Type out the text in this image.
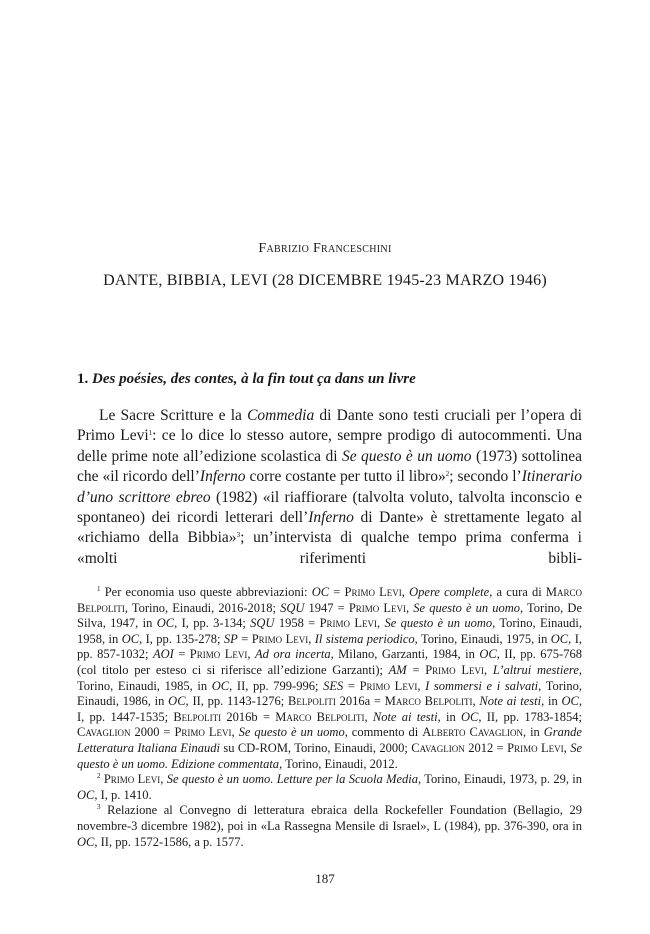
Fabrizio Franceschini
DANTE, BIBBIA, LEVI (28 DICEMBRE 1945-23 MARZO 1946)
1. Des poésies, des contes, à la fin tout ça dans un livre

Le Sacre Scritture e la Commedia di Dante sono testi cruciali per l’opera di Primo Levi$^1$: ce lo dice lo stesso autore, sempre prodigo di autocommenti. Una delle prime note all’edizione scolastica di Se questo è un uomo (1973) sottolinea che «il ricordo dell’Inferno corre costante per tutto il libro»$^2$; secondo l’Itinerario d’uno scrittore ebreo (1982) «il riaffiorare (talvolta voluto, talvolta inconscio e spontaneo) dei ricordi letterari dell’Inferno di Dante» è strettamente legato al «richiamo della Bibbia»$^3$; un’intervista di qualche tempo prima conferma i «molti riferimenti bibli-

$^1$ Per economia uso queste abbreviazioni: OC = Primo Levi, Opere complete, a cura di Marco Belpoliti, Torino, Einaudi, 2016-2018; SQU 1947 = Primo Levi, Se questo è un uomo, Torino, De Silva, 1947, in OC, I, pp. 3-134; SQU 1958 = Primo Levi, Se questo è un uomo, Torino, Einaudi, 1958, in OC, I, pp. 135-278; SP = Primo Levi, Il sistema periodico, Torino, Einaudi, 1975, in OC, I, pp. 857-1032; AOI = Primo Levi, Ad ora incerta, Milano, Garzanti, 1984, in OC, II, pp. 675-768 (col titolo per esteso ci si riferisce all’edizione Garzanti); AM = Primo Levi, L’altrui mestiere, Torino, Einaudi, 1985, in OC, II, pp. 799-996; SES = Primo Levi, I sommersi e i salvati, Torino, Einaudi, 1986, in OC, II, pp. 1143-1276; Belpoliti 2016a = Marco Belpoliti, Note ai testi, in OC, I, pp. 1447-1535; Belpoliti 2016b = Marco Belpoliti, Note ai testi, in OC, II, pp. 1783-1854; Cavaglion 2000 = Primo Levi, Se questo è un uomo, commento di Alberto Cavaglion, in Grande Letteratura Italiana Einaudi su CD-ROM, Torino, Einaudi, 2000; Cavaglion 2012 = Primo Levi, Se questo è un uomo. Edizione commentata, Torino, Einaudi, 2012.

$^2$ Primo Levi, Se questo è un uomo. Letture per la Scuola Media, Torino, Einaudi, 1973, p. 29, in OC, I, p. 1410.

$^3$ Relazione al Convegno di letteratura ebraica della Rockefeller Foundation (Bellagio, 29 novembre-3 dicembre 1982), poi in «La Rassegna Mensile di Israel», L (1984), pp. 376-390, ora in OC, II, pp. 1572-1586, a p. 1577.

187
